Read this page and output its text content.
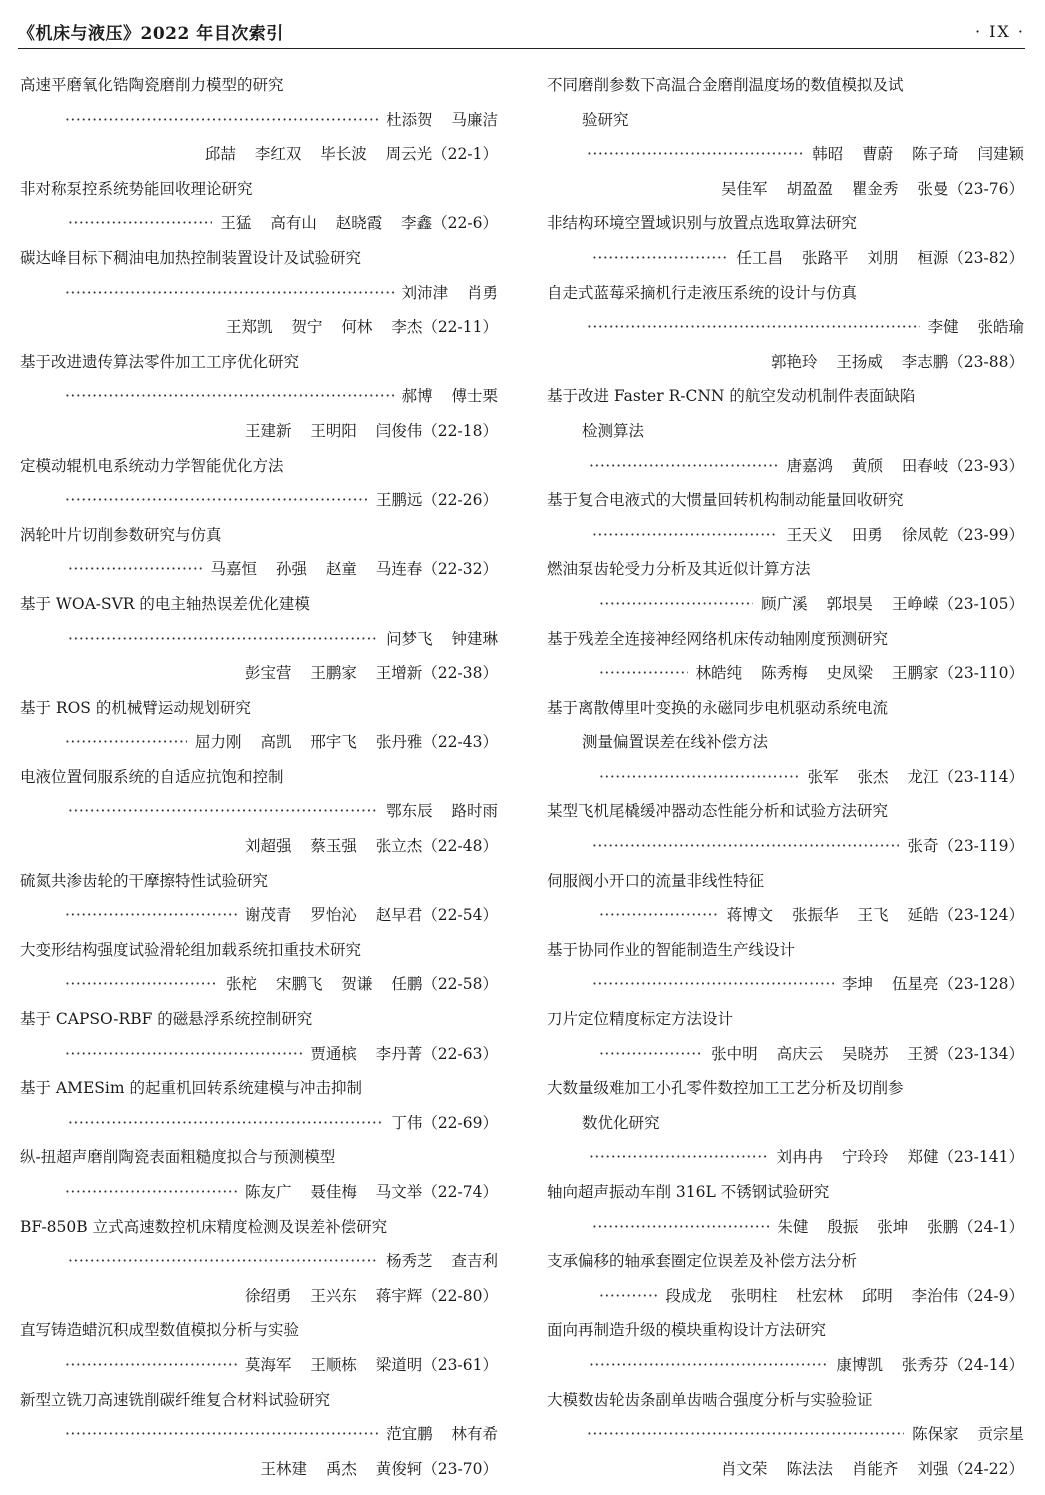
《机床与液压》2022 年目次索引	· IX ·
高速平磨氧化锆陶瓷磨削力模型的研究
·····
杜添贺 马廉洁
邱喆 李红双 毕长波 周云光（22-1）
非对称泵控系统势能回收理论研究
·····
王猛 高有山 赵晓霞 李鑫（22-6）
碳达峰目标下稠油电加热控制装置设计及试验研究
·····
刘沛津 肖勇
王郑凯 贺宁 何林 李杰（22-11）
基于改进遗传算法零件加工工序优化研究
·····
郝博 傅士栗
王建新 王明阳 闫俊伟（22-18）
定模动辊机电系统动力学智能优化方法
·····
王鹏远（22-26）
涡轮叶片切削参数研究与仿真
·····
马嘉恒 孙强 赵童 马连春（22-32）
基于 WOA-SVR 的电主轴热误差优化建模
·····
问梦飞 钟建琳
彭宝营 王鹏家 王增新（22-38）
基于 ROS 的机械臂运动规划研究
·····
屈力刚 高凯 邢宇飞 张丹雅（22-43）
电液位置伺服系统的自适应抗饱和控制
·····
鄂东辰 路时雨
刘超强 蔡玉强 张立杰（22-48）
硫氮共渗齿轮的干摩擦特性试验研究
·····
谢茂青 罗怡沁 赵早君（22-54）
大变形结构强度试验滑轮组加载系统扣重技术研究
·····
张柁 宋鹏飞 贺谦 任鹏（22-58）
基于 CAPSO-RBF 的磁悬浮系统控制研究
·····
贾通槟 李丹菁（22-63）
基于 AMESim 的起重机回转系统建模与冲击抑制
·····
丁伟（22-69）
纵-扭超声磨削陶瓷表面粗糙度拟合与预测模型
·····
陈友广 聂佳梅 马文举（22-74）
BF-850B 立式高速数控机床精度检测及误差补偿研究
·····
杨秀芝 查吉利
徐绍勇 王兴东 蒋宇辉（22-80）
直写铸造蜡沉积成型数值模拟分析与实验
·····
莫海军 王顺栋 梁道明（23-61）
新型立铣刀高速铣削碳纤维复合材料试验研究
·····
范宜鹏 林有希
王林建 禹杰 黄俊轲（23-70）
不同磨削参数下高温合金磨削温度场的数值模拟及试
验研究
·····
韩昭 曹蔚 陈子琦 闫建颖
吴佳军 胡盈盈 瞿金秀 张曼（23-76）
非结构环境空置域识别与放置点选取算法研究
·····
任工昌 张路平 刘朋 桓源（23-82）
自走式蓝莓采摘机行走液压系统的设计与仿真
·····
李健 张皓瑜
郭艳玲 王扬威 李志鹏（23-88）
基于改进 Faster R-CNN 的航空发动机制件表面缺陷
检测算法
·····
唐嘉鸿 黄颀 田春岐（23-93）
基于复合电液式的大惯量回转机构制动能量回收研究
·····
王天义 田勇 徐凤乾（23-99）
燃油泵齿轮受力分析及其近似计算方法
·····
顾广溪 郭垠昊 王峥嵘（23-105）
基于残差全连接神经网络机床传动轴刚度预测研究
·····
林皓纯 陈秀梅 史凤梁 王鹏家（23-110）
基于离散傅里叶变换的永磁同步电机驱动系统电流
测量偏置误差在线补偿方法
·····
张军 张杰 龙江（23-114）
某型飞机尾橇缓冲器动态性能分析和试验方法研究
·····
张奇（23-119）
伺服阀小开口的流量非线性特征
·····
蒋博文 张振华 王飞 延皓（23-124）
基于协同作业的智能制造生产线设计
·····
李坤 伍星亮（23-128）
刀片定位精度标定方法设计
·····
张中明 高庆云 吴晓苏 王赟（23-134）
大数量级难加工小孔零件数控加工工艺分析及切削参
数优化研究
·····
刘冉冉 宁玲玲 郑健（23-141）
轴向超声振动车削 316L 不锈钢试验研究
·····
朱健 殷振 张坤 张鹏（24-1）
支承偏移的轴承套圈定位误差及补偿方法分析
·····
段成龙 张明柱 杜宏林 邱明 李治伟（24-9）
面向再制造升级的模块重构设计方法研究
·····
康博凯 张秀芬（24-14）
大模数齿轮齿条副单齿啮合强度分析与实验验证
·····
陈保家 贡宗星
肖文荣 陈法法 肖能齐 刘强（24-22）
